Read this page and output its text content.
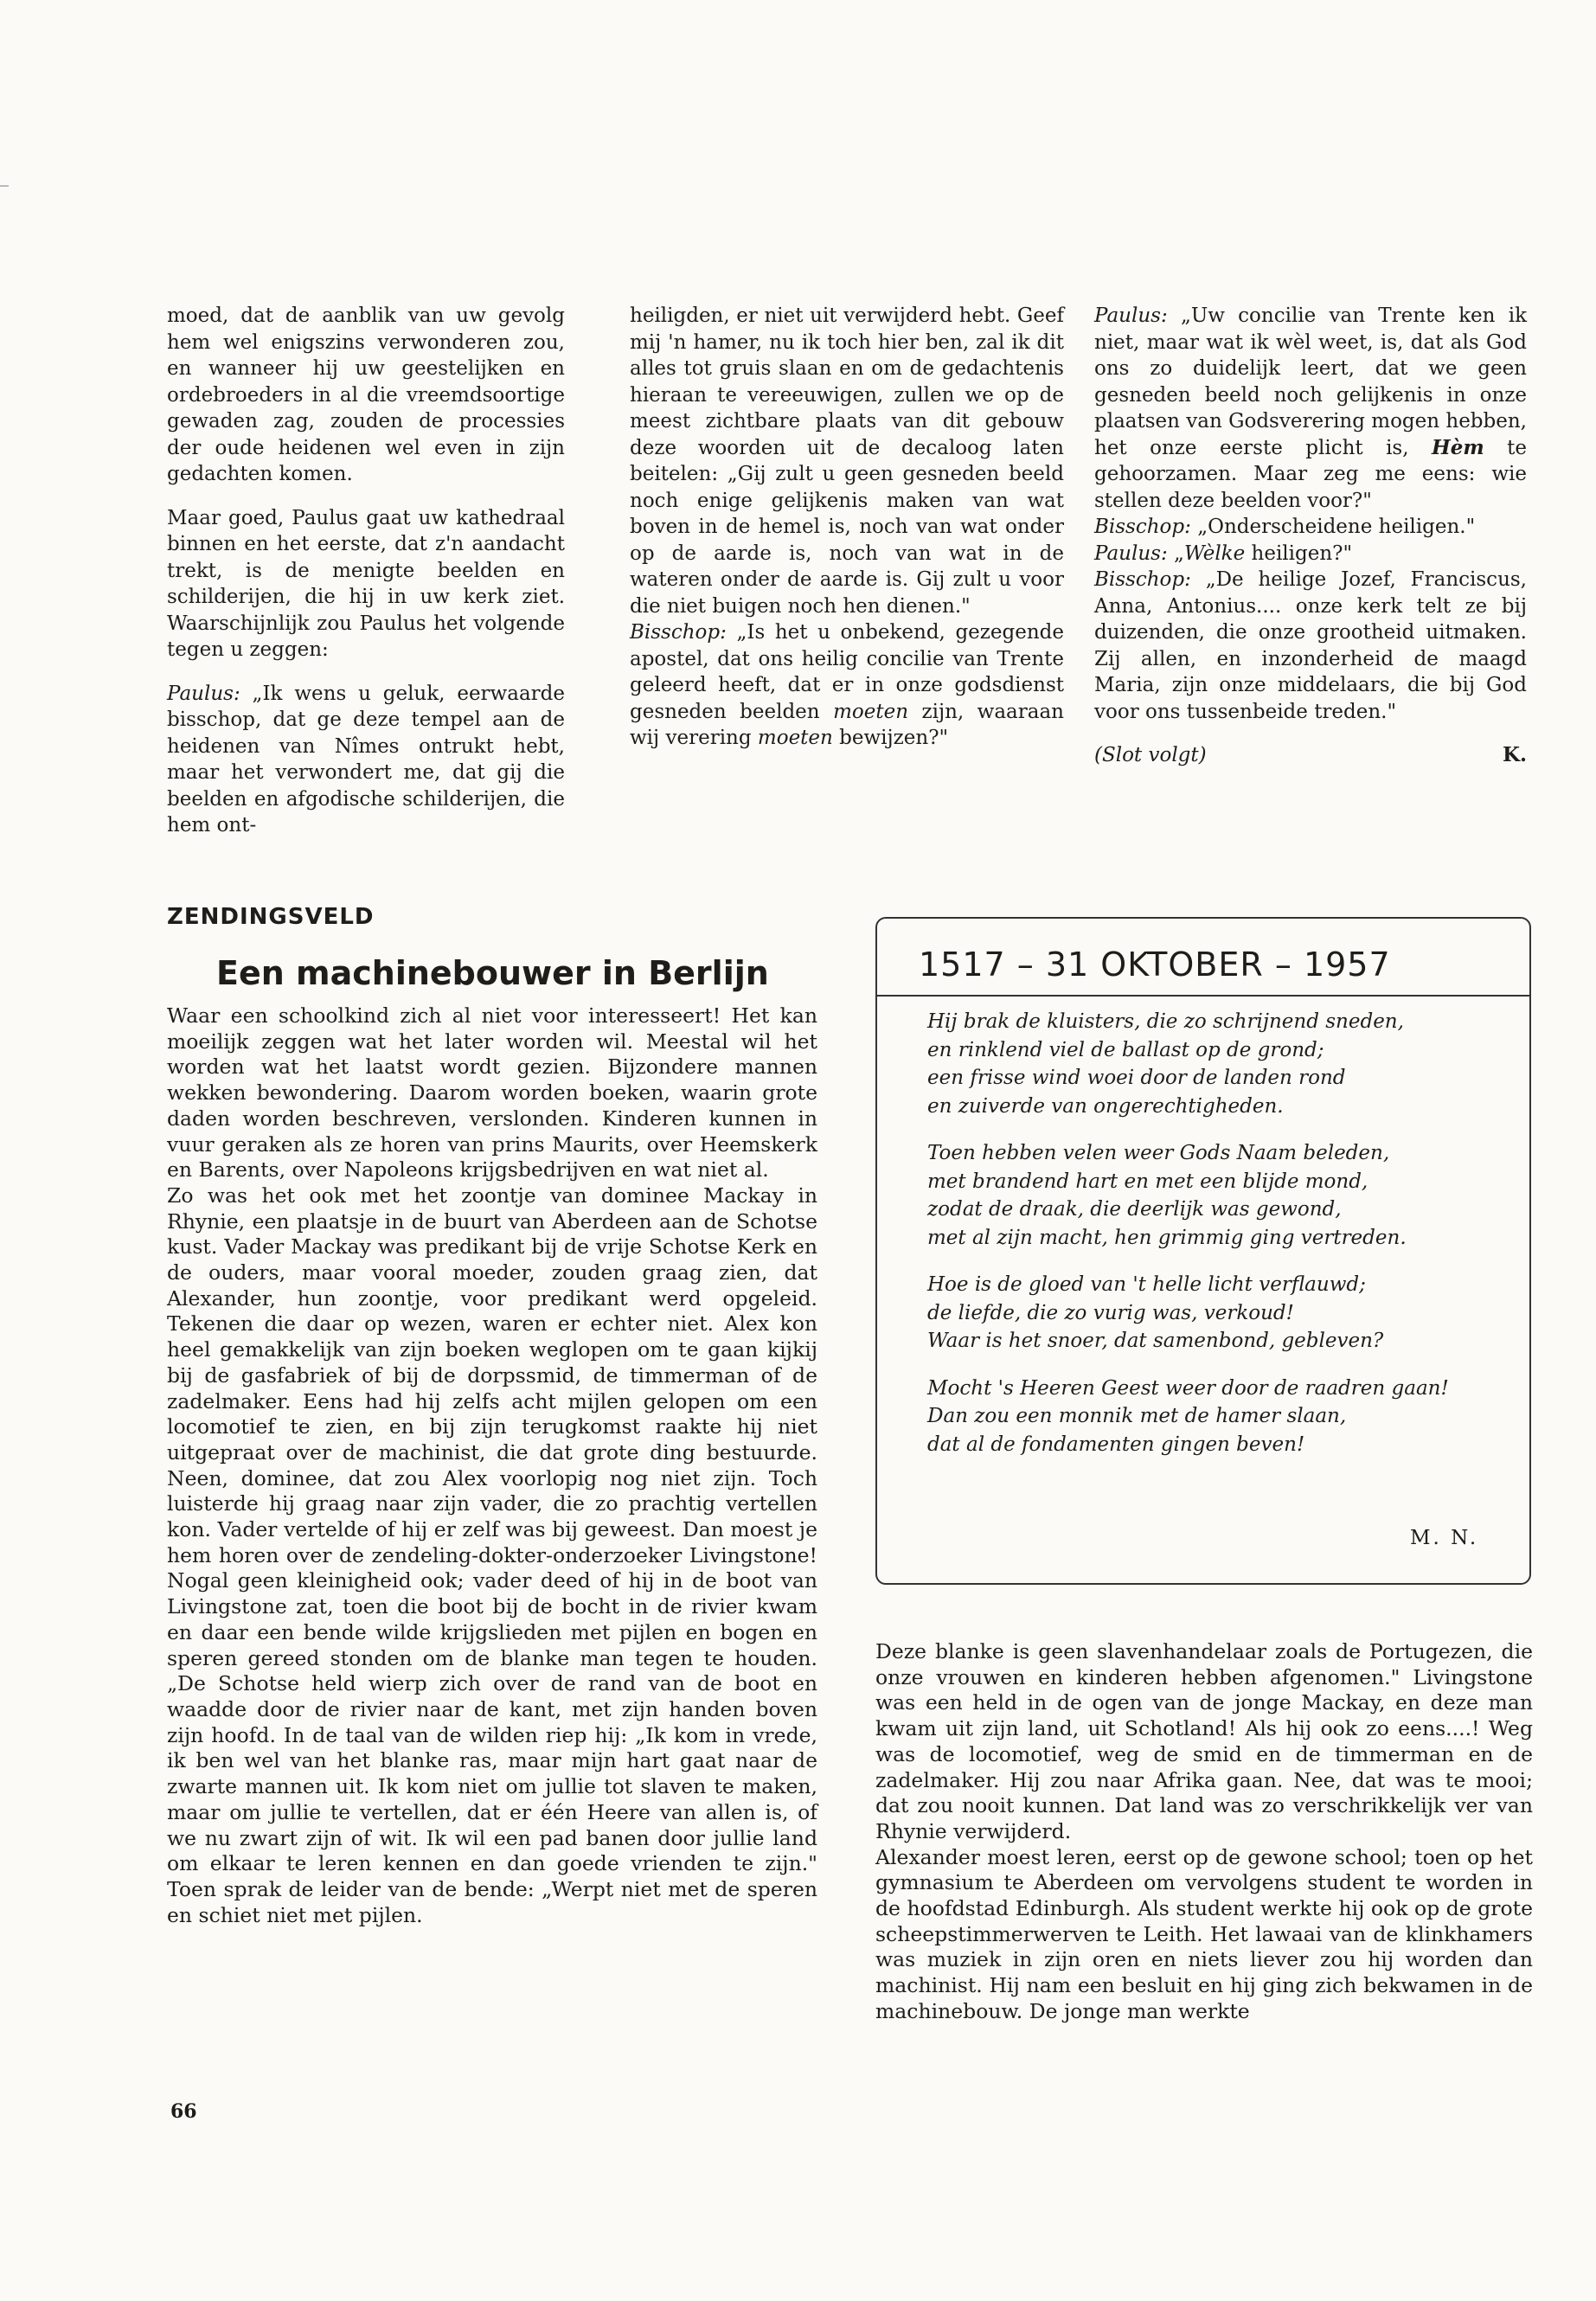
moed, dat de aanblik van uw gevolg hem wel enigszins verwonderen zou, en wanneer hij uw geestelijken en ordebroeders in al die vreemdsoortige gewaden zag, zouden de processies der oude heidenen wel even in zijn gedachten komen.

Maar goed, Paulus gaat uw kathedraal binnen en het eerste, dat z'n aandacht trekt, is de menigte beelden en schilderijen, die hij in uw kerk ziet. Waarschijnlijk zou Paulus het volgende tegen u zeggen:

Paulus: „Ik wens u geluk, eerwaarde bisschop, dat ge deze tempel aan de heidenen van Nîmes ontrukt hebt, maar het verwondert me, dat gij die beelden en afgodische schilderijen, die hem ont-

heiligden, er niet uit verwijderd hebt. Geef mij 'n hamer, nu ik toch hier ben, zal ik dit alles tot gruis slaan en om de gedachtenis hieraan te vereeuwigen, zullen we op de meest zichtbare plaats van dit gebouw deze woorden uit de decaloog laten beitelen: „Gij zult u geen gesneden beeld noch enige gelijkenis maken van wat boven in de hemel is, noch van wat onder op de aarde is, noch van wat in de wateren onder de aarde is. Gij zult u voor die niet buigen noch hen dienen."

Bisschop: „Is het u onbekend, gezegende apostel, dat ons heilig concilie van Trente geleerd heeft, dat er in onze godsdienst gesneden beelden moeten zijn, waaraan wij verering moeten bewijzen?"

Paulus: „Uw concilie van Trente ken ik niet, maar wat ik wèl weet, is, dat als God ons zo duidelijk leert, dat we geen gesneden beeld noch gelijkenis in onze plaatsen van Godsverering mogen hebben, het onze eerste plicht is, Hèm te gehoorzamen. Maar zeg me eens: wie stellen deze beelden voor?"

Bisschop: „Onderscheidene heiligen."

Paulus: „Wèlke heiligen?"

Bisschop: „De heilige Jozef, Franciscus, Anna, Antonius.... onze kerk telt ze bij duizenden, die onze grootheid uitmaken. Zij allen, en inzonderheid de maagd Maria, zijn onze middelaars, die bij God voor ons tussenbeide treden."

(Slot volgt)	K.
ZENDINGSVELD
Een machinebouwer in Berlijn

Waar een schoolkind zich al niet voor interesseert! Het kan moeilijk zeggen wat het later worden wil. Meestal wil het worden wat het laatst wordt gezien. Bijzondere mannen wekken bewondering. Daarom worden boeken, waarin grote daden worden beschreven, verslonden. Kinderen kunnen in vuur geraken als ze horen van prins Maurits, over Heemskerk en Barents, over Napoleons krijgsbedrijven en wat niet al.

Zo was het ook met het zoontje van dominee Mackay in Rhynie, een plaatsje in de buurt van Aberdeen aan de Schotse kust. Vader Mackay was predikant bij de vrije Schotse Kerk en de ouders, maar vooral moeder, zouden graag zien, dat Alexander, hun zoontje, voor predikant werd opgeleid. Tekenen die daar op wezen, waren er echter niet. Alex kon heel gemakkelijk van zijn boeken weglopen om te gaan kijkij bij de gasfabriek of bij de dorpssmid, de timmerman of de zadelmaker. Eens had hij zelfs acht mijlen gelopen om een locomotief te zien, en bij zijn terugkomst raakte hij niet uitgepraat over de machinist, die dat grote ding bestuurde. Neen, dominee, dat zou Alex voorlopig nog niet zijn. Toch luisterde hij graag naar zijn vader, die zo prachtig vertellen kon. Vader vertelde of hij er zelf was bij geweest. Dan moest je hem horen over de zendeling-dokter-onderzoeker Livingstone! Nogal geen kleinigheid ook; vader deed of hij in de boot van Livingstone zat, toen die boot bij de bocht in de rivier kwam en daar een bende wilde krijgslieden met pijlen en bogen en speren gereed stonden om de blanke man tegen te houden. „De Schotse held wierp zich over de rand van de boot en waadde door de rivier naar de kant, met zijn handen boven zijn hoofd. In de taal van de wilden riep hij: „Ik kom in vrede, ik ben wel van het blanke ras, maar mijn hart gaat naar de zwarte mannen uit. Ik kom niet om jullie tot slaven te maken, maar om jullie te vertellen, dat er één Heere van allen is, of we nu zwart zijn of wit. Ik wil een pad banen door jullie land om elkaar te leren kennen en dan goede vrienden te zijn." Toen sprak de leider van de bende: „Werpt niet met de speren en schiet niet met pijlen.

1517 – 31 OKTOBER – 1957
Hij brak de kluisters, die zo schrijnend sneden,
en rinklend viel de ballast op de grond;
een frisse wind woei door de landen rond
en zuiverde van ongerechtigheden.
Toen hebben velen weer Gods Naam beleden,
met brandend hart en met een blijde mond,
zodat de draak, die deerlijk was gewond,
met al zijn macht, hen grimmig ging vertreden.
Hoe is de gloed van 't helle licht verflauwd;
de liefde, die zo vurig was, verkoud!
Waar is het snoer, dat samenbond, gebleven?
Mocht 's Heeren Geest weer door de raadren gaan!
Dan zou een monnik met de hamer slaan,
dat al de fondamenten gingen beven!
M. N.

Deze blanke is geen slavenhandelaar zoals de Portugezen, die onze vrouwen en kinderen hebben afgenomen." Livingstone was een held in de ogen van de jonge Mackay, en deze man kwam uit zijn land, uit Schotland! Als hij ook zo eens....! Weg was de locomotief, weg de smid en de timmerman en de zadelmaker. Hij zou naar Afrika gaan. Nee, dat was te mooi; dat zou nooit kunnen. Dat land was zo verschrikkelijk ver van Rhynie verwijderd.

Alexander moest leren, eerst op de gewone school; toen op het gymnasium te Aberdeen om vervolgens student te worden in de hoofdstad Edinburgh. Als student werkte hij ook op de grote scheepstimmerwerven te Leith. Het lawaai van de klinkhamers was muziek in zijn oren en niets liever zou hij worden dan machinist. Hij nam een besluit en hij ging zich bekwamen in de machinebouw. De jonge man werkte

66
